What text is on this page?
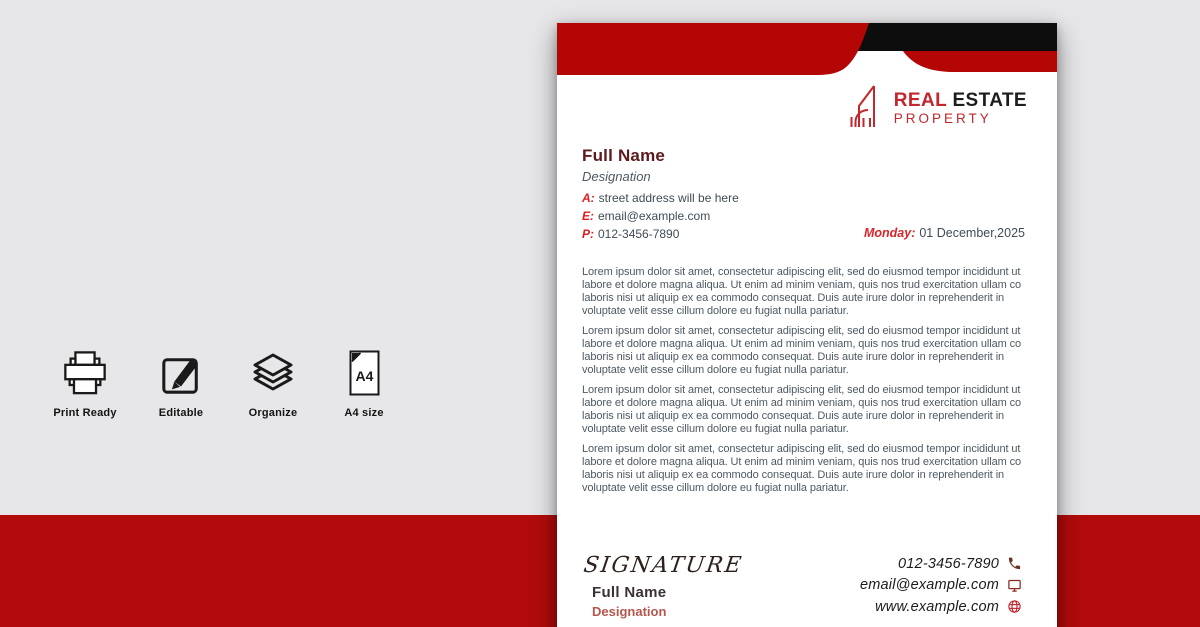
Print Ready	Editable	Organize
A4
A4 size
REAL ESTATE
PROPERTY
Full Name
Designation
A: street address will be here
E: email@example.com
P: 012-3456-7890	Monday: 01 December,2025

Lorem ipsum dolor sit amet, consectetur adipiscing elit, sed do eiusmod tempor incididunt ut labore et dolore magna aliqua. Ut enim ad minim veniam, quis nos trud exercitation ullam co laboris nisi ut aliquip ex ea commodo consequat. Duis aute irure dolor in reprehenderit in voluptate velit esse cillum dolore eu fugiat nulla pariatur.

Lorem ipsum dolor sit amet, consectetur adipiscing elit, sed do eiusmod tempor incididunt ut labore et dolore magna aliqua. Ut enim ad minim veniam, quis nos trud exercitation ullam co laboris nisi ut aliquip ex ea commodo consequat. Duis aute irure dolor in reprehenderit in voluptate velit esse cillum dolore eu fugiat nulla pariatur.

Lorem ipsum dolor sit amet, consectetur adipiscing elit, sed do eiusmod tempor incididunt ut labore et dolore magna aliqua. Ut enim ad minim veniam, quis nos trud exercitation ullam co laboris nisi ut aliquip ex ea commodo consequat. Duis aute irure dolor in reprehenderit in voluptate velit esse cillum dolore eu fugiat nulla pariatur.

Lorem ipsum dolor sit amet, consectetur adipiscing elit, sed do eiusmod tempor incididunt ut labore et dolore magna aliqua. Ut enim ad minim veniam, quis nos trud exercitation ullam co laboris nisi ut aliquip ex ea commodo consequat. Duis aute irure dolor in reprehenderit in voluptate velit esse cillum dolore eu fugiat nulla pariatur.

SIGNATURE
Full Name
Designation
012-3456-7890
email@example.com
www.example.com
